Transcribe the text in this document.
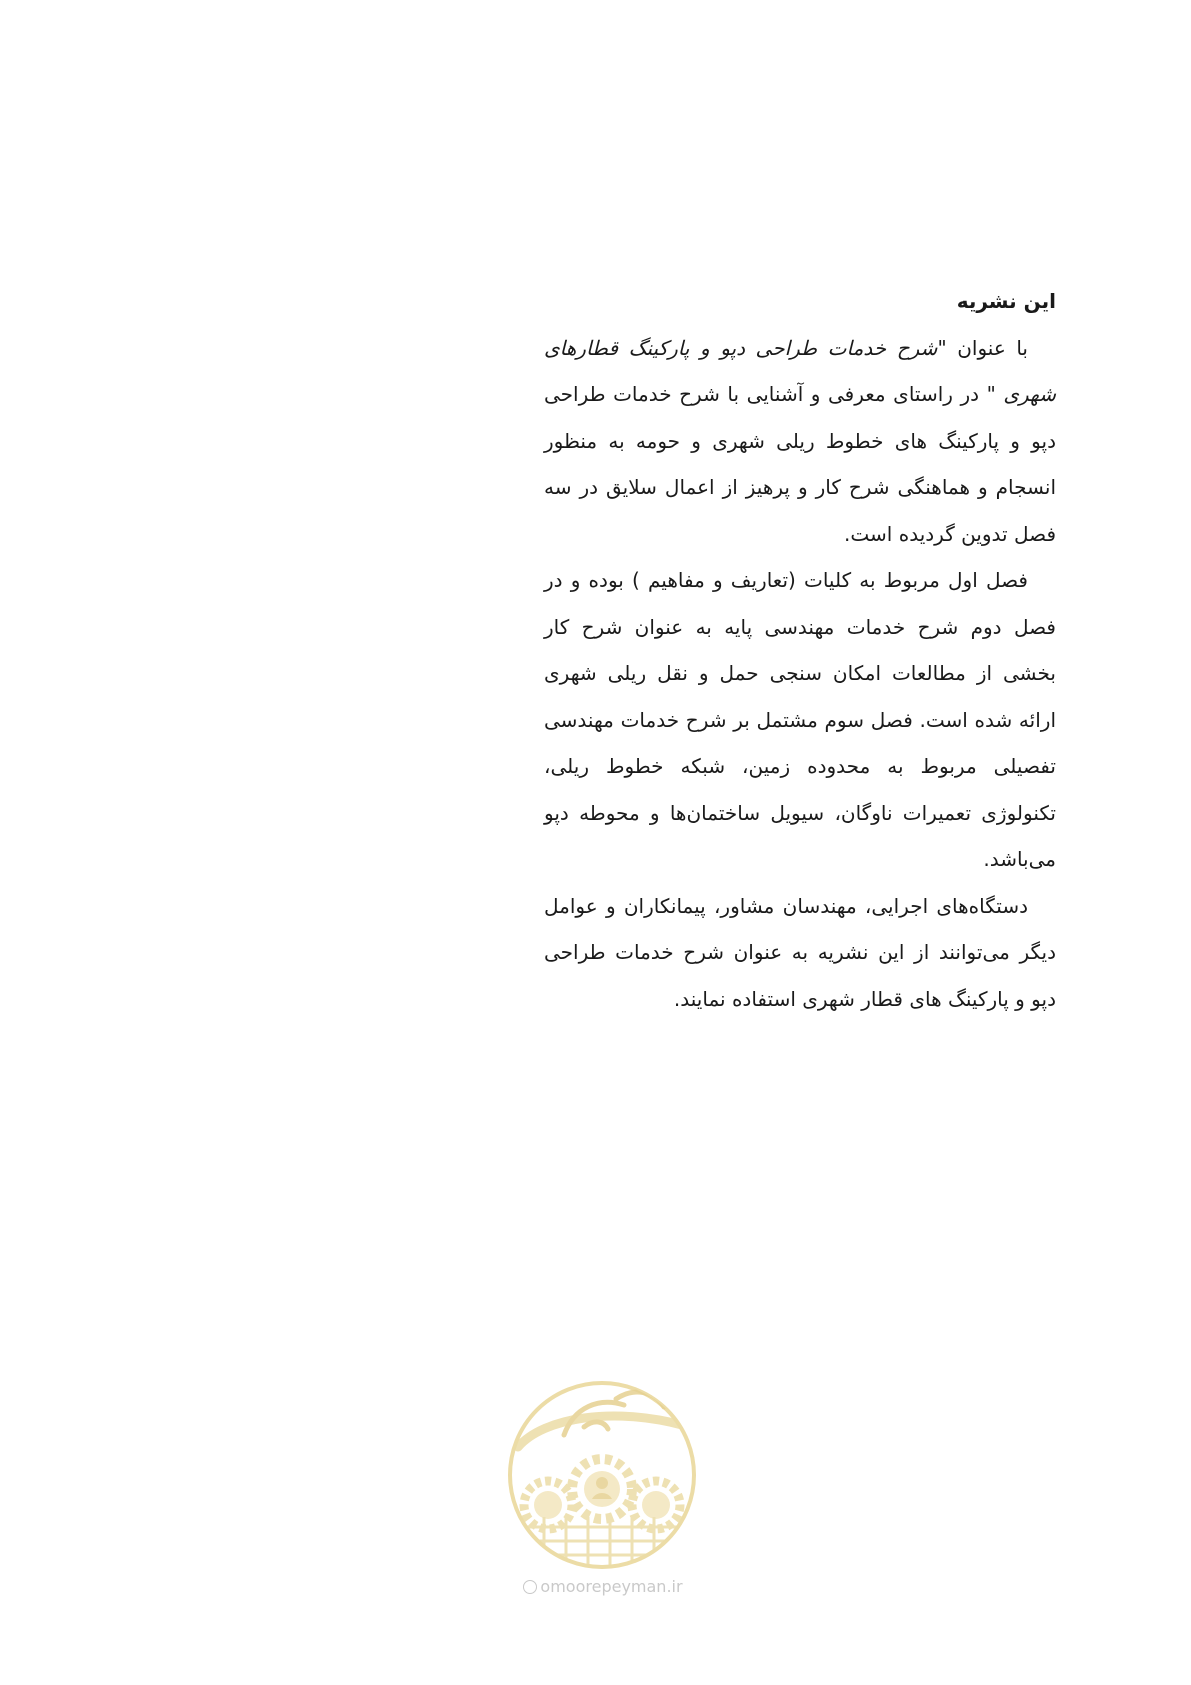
این نشریه

با عنوان "شرح خدمات طراحی دپو و پارکینگ قطارهای شهری " در راستای معرفی و آشنایی با شرح خدمات طراحی دپو و پارکینگ های خطوط ریلی شهری و حومه به منظور انسجام و هماهنگی شرح کار و پرهیز از اعمال سلایق در سه فصل تدوین گردیده است.

فصل اول مربوط به کلیات (تعاریف و مفاهیم ) بوده و در فصل دوم شرح خدمات مهندسی پایه به عنوان شرح کار بخشی از مطالعات امکان سنجی حمل و نقل ریلی شهری ارائه شده است. فصل سوم مشتمل بر شرح خدمات مهندسی تفصیلی مربوط به محدوده زمین، شبکه خطوط ریلی، تکنولوژی تعمیرات ناوگان، سیویل ساختمان‌ها و محوطه دپو می‌باشد.

دستگاه‌های اجرایی، مهندسان مشاور، پیمانکاران و عوامل دیگر می‌توانند از این نشریه به عنوان شرح خدمات طراحی دپو و پارکینگ های قطار شهری استفاده نمایند.

omoorepeyman.ir
